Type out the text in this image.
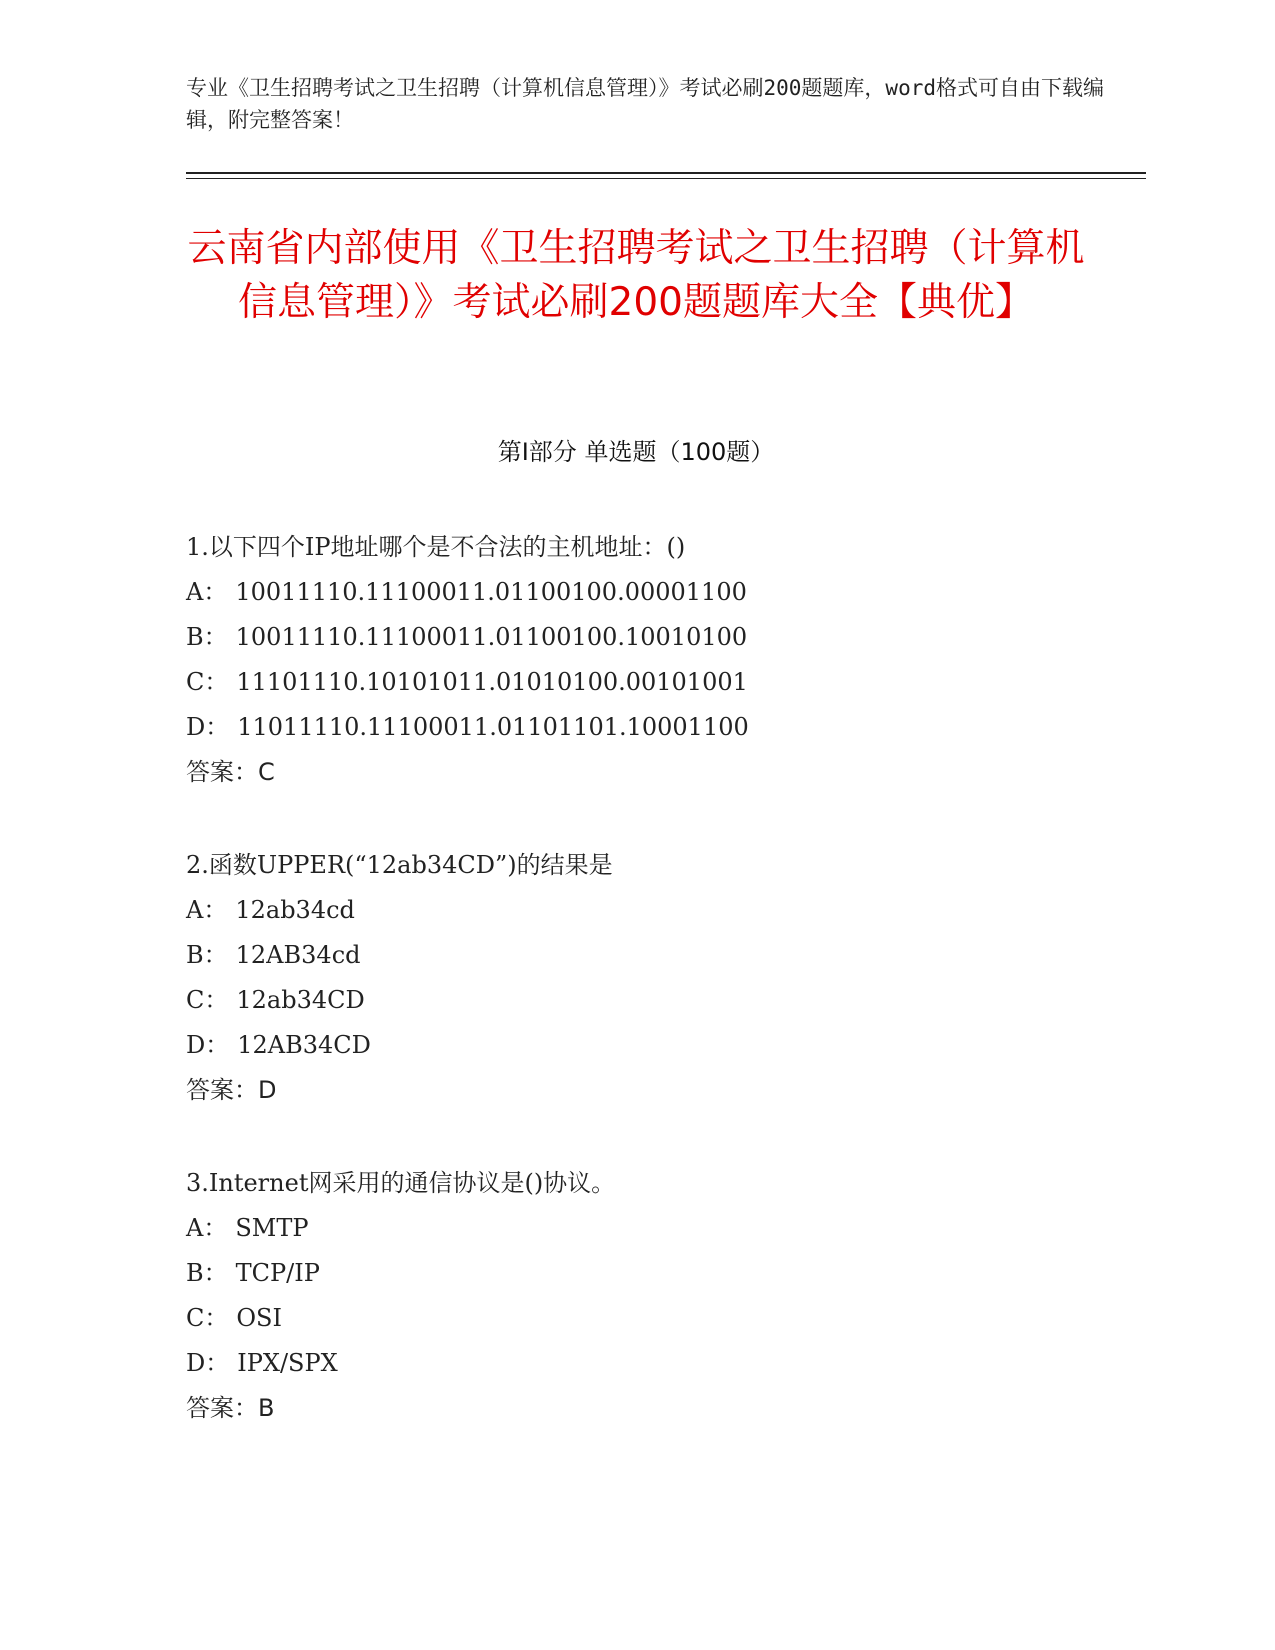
专业《卫生招聘考试之卫生招聘（计算机信息管理）》考试必刷200题题库，word格式可自由下载编辑，附完整答案！
云南省内部使用《卫生招聘考试之卫生招聘（计算机信息管理）》考试必刷200题题库大全【典优】
第Ⅰ部分 单选题（100题）
1.以下四个IP地址哪个是不合法的主机地址：()
A： 10011110.11100011.01100100.00001100
B： 10011110.11100011.01100100.10010100
C： 11101110.10101011.01010100.00101001
D： 11011110.11100011.01101101.10001100
答案：C
2.函数UPPER(“12ab34CD”)的结果是
A： 12ab34cd
B： 12AB34cd
C： 12ab34CD
D： 12AB34CD
答案：D
3.Internet网采用的通信协议是()协议。
A： SMTP
B： TCP/IP
C： OSI
D： IPX/SPX
答案：B
